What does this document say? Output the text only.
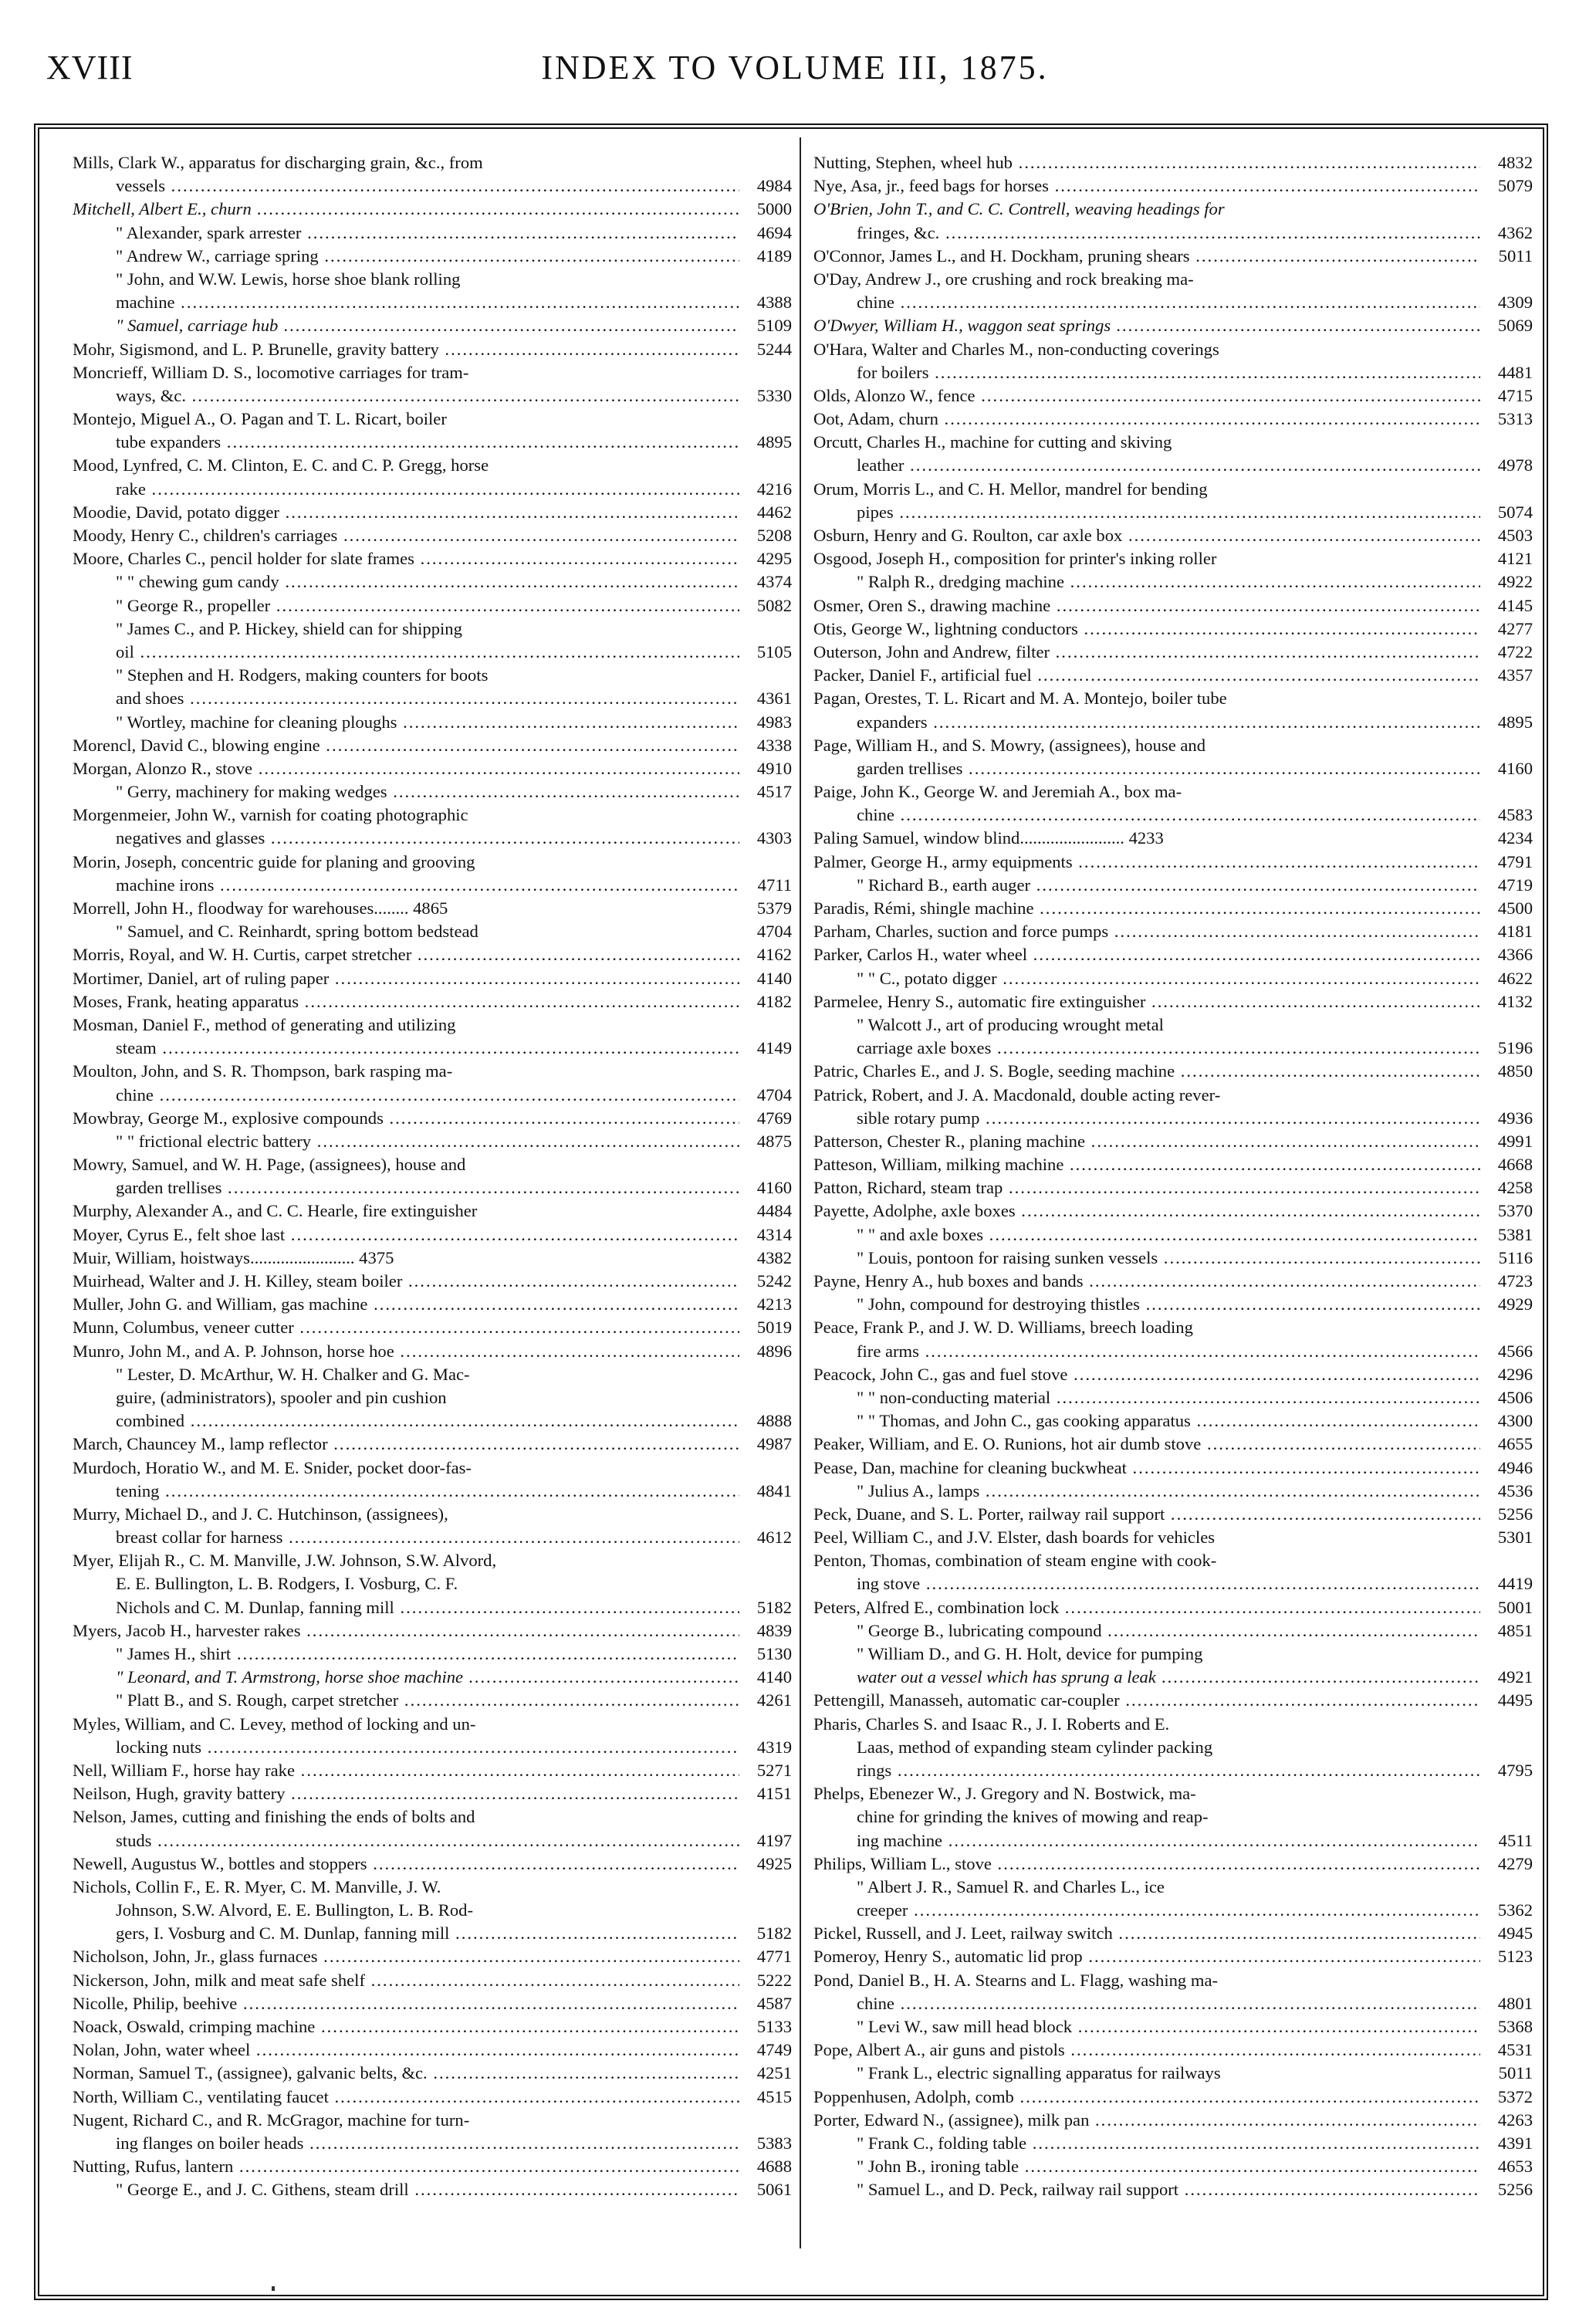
XVIII	INDEX TO VOLUME III, 1875.
Mills, Clark W., apparatus for discharging grain, &c., from
vessels .....	4984
Mitchell, Albert E., churn .....	5000
" Alexander, spark arrester .....	4694
" Andrew W., carriage spring .....	4189
" John, and W.W. Lewis, horse shoe blank rolling
machine .....	4388
" Samuel, carriage hub .....	5109
Mohr, Sigismond, and L. P. Brunelle, gravity battery .....	5244
Moncrieff, William D. S., locomotive carriages for tram-
ways, &c. .....	5330
Montejo, Miguel A., O. Pagan and T. L. Ricart, boiler
tube expanders .....	4895
Mood, Lynfred, C. M. Clinton, E. C. and C. P. Gregg, horse
rake .....	4216
Moodie, David, potato digger .....	4462
Moody, Henry C., children's carriages .....	5208
Moore, Charles C., pencil holder for slate frames .....	4295
" " chewing gum candy .....	4374
" George R., propeller .....	5082
" James C., and P. Hickey, shield can for shipping
oil .....	5105
" Stephen and H. Rodgers, making counters for boots
and shoes .....	4361
" Wortley, machine for cleaning ploughs .....	4983
Morencl, David C., blowing engine .....	4338
Morgan, Alonzo R., stove .....	4910
" Gerry, machinery for making wedges .....	4517
Morgenmeier, John W., varnish for coating photographic
negatives and glasses .....	4303
Morin, Joseph, concentric guide for planing and grooving
machine irons .....	4711
Morrell, John H., floodway for warehouses........ 4865	5379
" Samuel, and C. Reinhardt, spring bottom bedstead	4704
Morris, Royal, and W. H. Curtis, carpet stretcher .....	4162
Mortimer, Daniel, art of ruling paper .....	4140
Moses, Frank, heating apparatus .....	4182
Mosman, Daniel F., method of generating and utilizing
steam .....	4149
Moulton, John, and S. R. Thompson, bark rasping ma-
chine .....	4704
Mowbray, George M., explosive compounds .....	4769
" " frictional electric battery .....	4875
Mowry, Samuel, and W. H. Page, (assignees), house and
garden trellises .....	4160
Murphy, Alexander A., and C. C. Hearle, fire extinguisher	4484
Moyer, Cyrus E., felt shoe last .....	4314
Muir, William, hoistways........................ 4375	4382
Muirhead, Walter and J. H. Killey, steam boiler .....	5242
Muller, John G. and William, gas machine .....	4213
Munn, Columbus, veneer cutter .....	5019
Munro, John M., and A. P. Johnson, horse hoe .....	4896
" Lester, D. McArthur, W. H. Chalker and G. Mac-
guire, (administrators), spooler and pin cushion
combined .....	4888
March, Chauncey M., lamp reflector .....	4987
Murdoch, Horatio W., and M. E. Snider, pocket door-fas-
tening .....	4841
Murry, Michael D., and J. C. Hutchinson, (assignees),
breast collar for harness .....	4612
Myer, Elijah R., C. M. Manville, J.W. Johnson, S.W. Alvord,
E. E. Bullington, L. B. Rodgers, I. Vosburg, C. F.
Nichols and C. M. Dunlap, fanning mill .....	5182
Myers, Jacob H., harvester rakes .....	4839
" James H., shirt .....	5130
" Leonard, and T. Armstrong, horse shoe machine .....	4140
" Platt B., and S. Rough, carpet stretcher .....	4261
Myles, William, and C. Levey, method of locking and un-
locking nuts .....	4319
Nell, William F., horse hay rake .....	5271
Neilson, Hugh, gravity battery .....	4151
Nelson, James, cutting and finishing the ends of bolts and
studs .....	4197
Newell, Augustus W., bottles and stoppers .....	4925
Nichols, Collin F., E. R. Myer, C. M. Manville, J. W.
Johnson, S.W. Alvord, E. E. Bullington, L. B. Rod-
gers, I. Vosburg and C. M. Dunlap, fanning mill .....	5182
Nicholson, John, Jr., glass furnaces .....	4771
Nickerson, John, milk and meat safe shelf .....	5222
Nicolle, Philip, beehive .....	4587
Noack, Oswald, crimping machine .....	5133
Nolan, John, water wheel .....	4749
Norman, Samuel T., (assignee), galvanic belts, &c. .....	4251
North, William C., ventilating faucet .....	4515
Nugent, Richard C., and R. McGragor, machine for turn-
ing flanges on boiler heads .....	5383
Nutting, Rufus, lantern .....	4688
" George E., and J. C. Githens, steam drill .....	5061
Nutting, Stephen, wheel hub .....	4832
Nye, Asa, jr., feed bags for horses .....	5079
O'Brien, John T., and C. C. Contrell, weaving headings for
fringes, &c. .....	4362
O'Connor, James L., and H. Dockham, pruning shears .....	5011
O'Day, Andrew J., ore crushing and rock breaking ma-
chine .....	4309
O'Dwyer, William H., waggon seat springs .....	5069
O'Hara, Walter and Charles M., non-conducting coverings
for boilers .....	4481
Olds, Alonzo W., fence .....	4715
Oot, Adam, churn .....	5313
Orcutt, Charles H., machine for cutting and skiving
leather .....	4978
Orum, Morris L., and C. H. Mellor, mandrel for bending
pipes .....	5074
Osburn, Henry and G. Roulton, car axle box .....	4503
Osgood, Joseph H., composition for printer's inking roller	4121
" Ralph R., dredging machine .....	4922
Osmer, Oren S., drawing machine .....	4145
Otis, George W., lightning conductors .....	4277
Outerson, John and Andrew, filter .....	4722
Packer, Daniel F., artificial fuel .....	4357
Pagan, Orestes, T. L. Ricart and M. A. Montejo, boiler tube
expanders .....	4895
Page, William H., and S. Mowry, (assignees), house and
garden trellises .....	4160
Paige, John K., George W. and Jeremiah A., box ma-
chine .....	4583
Paling Samuel, window blind........................ 4233	4234
Palmer, George H., army equipments .....	4791
" Richard B., earth auger .....	4719
Paradis, Rémi, shingle machine .....	4500
Parham, Charles, suction and force pumps .....	4181
Parker, Carlos H., water wheel .....	4366
" " C., potato digger .....	4622
Parmelee, Henry S., automatic fire extinguisher .....	4132
" Walcott J., art of producing wrought metal
carriage axle boxes .....	5196
Patric, Charles E., and J. S. Bogle, seeding machine .....	4850
Patrick, Robert, and J. A. Macdonald, double acting rever-
sible rotary pump .....	4936
Patterson, Chester R., planing machine .....	4991
Patteson, William, milking machine .....	4668
Patton, Richard, steam trap .....	4258
Payette, Adolphe, axle boxes .....	5370
" " and axle boxes .....	5381
" Louis, pontoon for raising sunken vessels .....	5116
Payne, Henry A., hub boxes and bands .....	4723
" John, compound for destroying thistles .....	4929
Peace, Frank P., and J. W. D. Williams, breech loading
fire arms .....	4566
Peacock, John C., gas and fuel stove .....	4296
" " non-conducting material .....	4506
" " Thomas, and John C., gas cooking apparatus .....	4300
Peaker, William, and E. O. Runions, hot air dumb stove .....	4655
Pease, Dan, machine for cleaning buckwheat .....	4946
" Julius A., lamps .....	4536
Peck, Duane, and S. L. Porter, railway rail support .....	5256
Peel, William C., and J.V. Elster, dash boards for vehicles	5301
Penton, Thomas, combination of steam engine with cook-
ing stove .....	4419
Peters, Alfred E., combination lock .....	5001
" George B., lubricating compound .....	4851
" William D., and G. H. Holt, device for pumping
water out a vessel which has sprung a leak .....	4921
Pettengill, Manasseh, automatic car-coupler .....	4495
Pharis, Charles S. and Isaac R., J. I. Roberts and E.
Laas, method of expanding steam cylinder packing
rings .....	4795
Phelps, Ebenezer W., J. Gregory and N. Bostwick, ma-
chine for grinding the knives of mowing and reap-
ing machine .....	4511
Philips, William L., stove .....	4279
" Albert J. R., Samuel R. and Charles L., ice
creeper .....	5362
Pickel, Russell, and J. Leet, railway switch .....	4945
Pomeroy, Henry S., automatic lid prop .....	5123
Pond, Daniel B., H. A. Stearns and L. Flagg, washing ma-
chine .....	4801
" Levi W., saw mill head block .....	5368
Pope, Albert A., air guns and pistols .....	4531
" Frank L., electric signalling apparatus for railways	5011
Poppenhusen, Adolph, comb .....	5372
Porter, Edward N., (assignee), milk pan .....	4263
" Frank C., folding table .....	4391
" John B., ironing table .....	4653
" Samuel L., and D. Peck, railway rail support .....	5256
